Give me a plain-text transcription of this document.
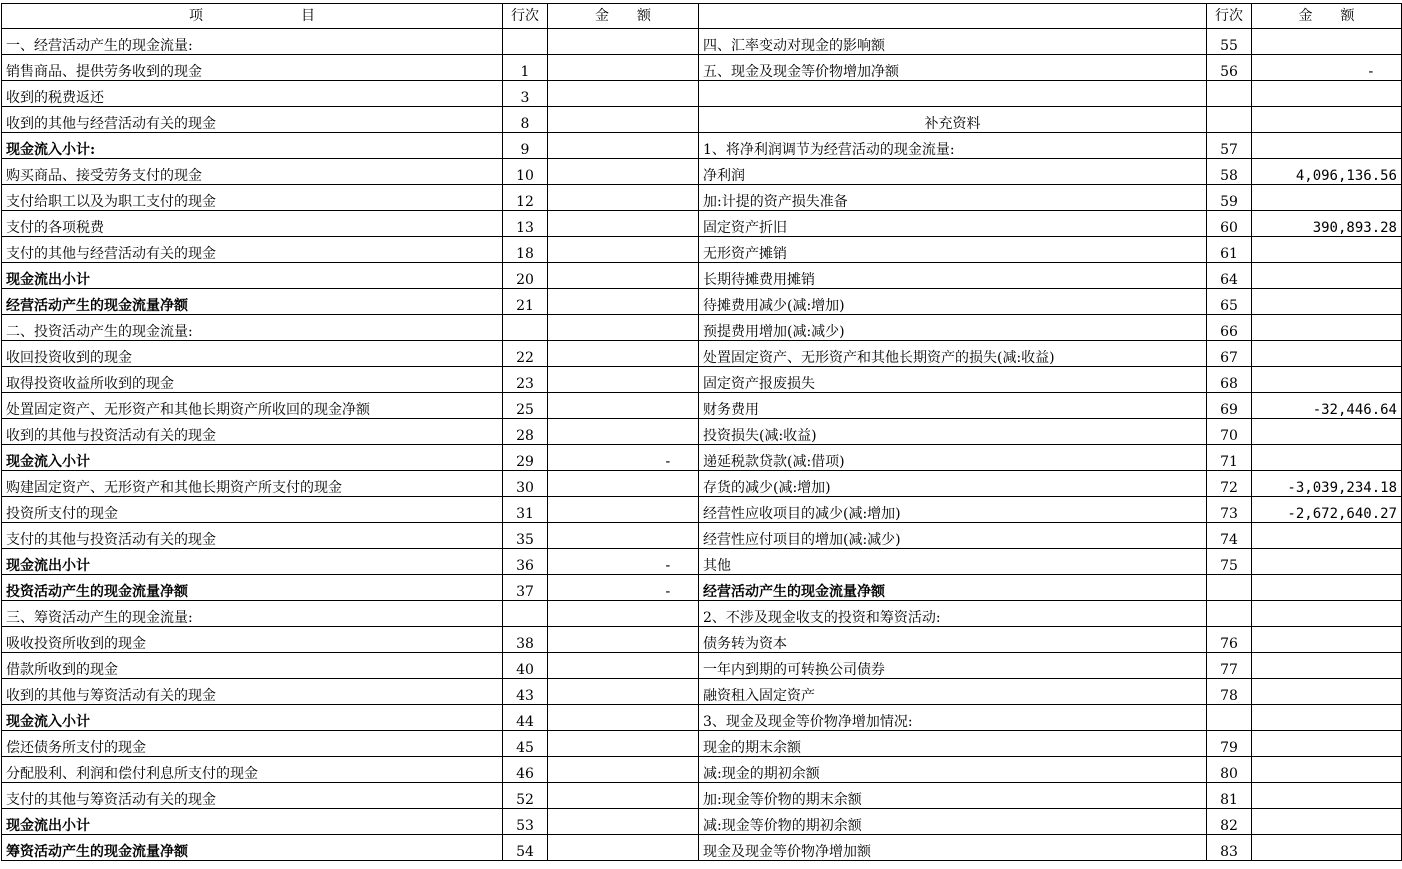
项　　　　　　　目	行次	金　　额		行次	金　　额
一、经营活动产生的现金流量:			四、汇率变动对现金的影响额	55	
销售商品、提供劳务收到的现金	1		五、现金及现金等价物增加净额	56	-
收到的税费返还	3				
收到的其他与经营活动有关的现金	8		补充资料		
现金流入小计:	9		1、将净利润调节为经营活动的现金流量:	57	
购买商品、接受劳务支付的现金	10		净利润	58	4,096,136.56
支付给职工以及为职工支付的现金	12		加:计提的资产损失准备	59	
支付的各项税费	13		固定资产折旧	60	390,893.28
支付的其他与经营活动有关的现金	18		无形资产摊销	61	
现金流出小计	20		长期待摊费用摊销	64	
经营活动产生的现金流量净额	21		待摊费用减少(减:增加)	65	
二、投资活动产生的现金流量:			预提费用增加(减:减少)	66	
收回投资收到的现金	22		处置固定资产、无形资产和其他长期资产的损失(减:收益)	67	
取得投资收益所收到的现金	23		固定资产报废损失	68	
处置固定资产、无形资产和其他长期资产所收回的现金净额	25		财务费用	69	-32,446.64
收到的其他与投资活动有关的现金	28		投资损失(减:收益)	70	
现金流入小计	29	-	递延税款贷款(减:借项)	71	
购建固定资产、无形资产和其他长期资产所支付的现金	30		存货的减少(减:增加)	72	-3,039,234.18
投资所支付的现金	31		经营性应收项目的减少(减:增加)	73	-2,672,640.27
支付的其他与投资活动有关的现金	35		经营性应付项目的增加(减:减少)	74	
现金流出小计	36	-	其他	75	
投资活动产生的现金流量净额	37	-	经营活动产生的现金流量净额		
三、筹资活动产生的现金流量:			2、不涉及现金收支的投资和筹资活动:		
吸收投资所收到的现金	38		债务转为资本	76	
借款所收到的现金	40		一年内到期的可转换公司债券	77	
收到的其他与筹资活动有关的现金	43		融资租入固定资产	78	
现金流入小计	44		3、现金及现金等价物净增加情况:		
偿还债务所支付的现金	45		现金的期末余额	79	
分配股利、利润和偿付利息所支付的现金	46		减:现金的期初余额	80	
支付的其他与筹资活动有关的现金	52		加:现金等价物的期末余额	81	
现金流出小计	53		减:现金等价物的期初余额	82	
筹资活动产生的现金流量净额	54		现金及现金等价物净增加额	83	
